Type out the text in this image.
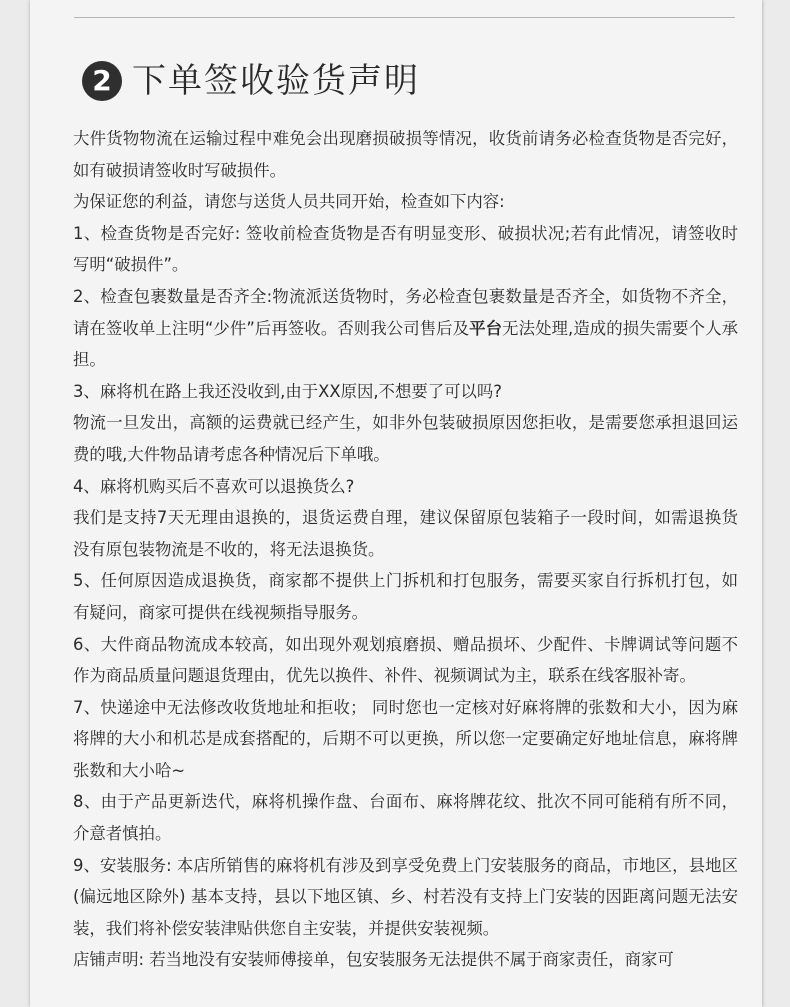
2 下单签收验货声明

大件货物物流在运输过程中难免会出现磨损破损等情况，收货前请务必检查货物是否完好，如有破损请签收时写破损件。

为保证您的利益，请您与送货人员共同开始，检查如下内容:

1、检查货物是否完好: 签收前检查货物是否有明显变形、破损状况;若有此情况，请签收时写明“破损件”。

2、检查包裹数量是否齐全:物流派送货物时，务必检查包裹数量是否齐全，如货物不齐全，请在签收单上注明“少件”后再签收。否则我公司售后及平台无法处理,造成的损失需要个人承担。

3、麻将机在路上我还没收到,由于XX原因,不想要了可以吗?

物流一旦发出，高额的运费就已经产生，如非外包装破损原因您拒收，是需要您承担退回运费的哦,大件物品请考虑各种情况后下单哦。

4、麻将机购买后不喜欢可以退换货么?

我们是支持7天无理由退换的，退货运费自理，建议保留原包装箱子一段时间，如需退换货没有原包装物流是不收的，将无法退换货。

5、任何原因造成退换货，商家都不提供上门拆机和打包服务，需要买家自行拆机打包，如有疑问，商家可提供在线视频指导服务。

6、大件商品物流成本较高，如出现外观划痕磨损、赠品损坏、少配件、卡牌调试等问题不作为商品质量问题退货理由，优先以换件、补件、视频调试为主，联系在线客服补寄。

7、快递途中无法修改收货地址和拒收； 同时您也一定核对好麻将牌的张数和大小，因为麻将牌的大小和机芯是成套搭配的，后期不可以更换，所以您一定要确定好地址信息，麻将牌张数和大小哈~

8、由于产品更新迭代，麻将机操作盘、台面布、麻将牌花纹、批次不同可能稍有所不同，介意者慎拍。

9、安装服务: 本店所销售的麻将机有涉及到享受免费上门安装服务的商品，市地区，县地区(偏远地区除外) 基本支持，县以下地区镇、乡、村若没有支持上门安装的因距离问题无法安装，我们将补偿安装津贴供您自主安装，并提供安装视频。

店铺声明: 若当地没有安装师傅接单，包安装服务无法提供不属于商家责任，商家可
